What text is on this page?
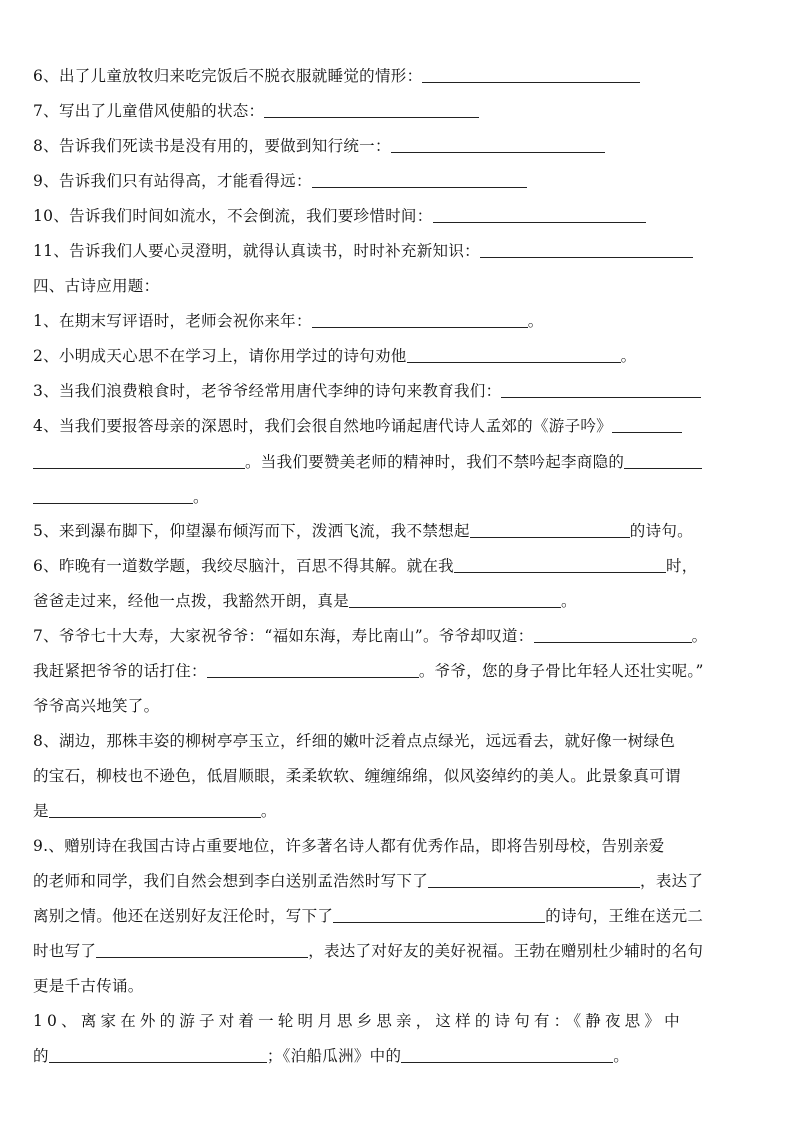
6、出了儿童放牧归来吃完饭后不脱衣服就睡觉的情形：
7、写出了儿童借风使船的状态：
8、告诉我们死读书是没有用的，要做到知行统一：
9、告诉我们只有站得高，才能看得远：
10、告诉我们时间如流水，不会倒流，我们要珍惜时间：
11、告诉我们人要心灵澄明，就得认真读书，时时补充新知识：
四、古诗应用题：
1、在期末写评语时，老师会祝你来年：	。
2、小明成天心思不在学习上，请你用学过的诗句劝他	。
3、当我们浪费粮食时，老爷爷经常用唐代李绅的诗句来教育我们：
4、当我们要报答母亲的深恩时，我们会很自然地吟诵起唐代诗人孟郊的《游子吟》
。当我们要赞美老师的精神时，我们不禁吟起李商隐的
。
5、来到瀑布脚下，仰望瀑布倾泻而下，泼洒飞流，我不禁想起	的诗句。
6、昨晚有一道数学题，我绞尽脑汁，百思不得其解。就在我	时，
爸爸走过来，经他一点拨，我豁然开朗，真是	。
7、爷爷七十大寿，大家祝爷爷：“福如东海，寿比南山”。爷爷却叹道：	。
我赶紧把爷爷的话打住：	。爷爷，您的身子骨比年轻人还壮实呢。”
爷爷高兴地笑了。
8、湖边，那株丰姿的柳树亭亭玉立，纤细的嫩叶泛着点点绿光，远远看去，就好像一树绿色
的宝石，柳枝也不逊色，低眉顺眼，柔柔软软、缠缠绵绵，似风姿绰约的美人。此景象真可谓
是	。
9.、赠别诗在我国古诗占重要地位，许多著名诗人都有优秀作品，即将告别母校，告别亲爱
的老师和同学，我们自然会想到李白送别孟浩然时写下了	，表达了
离别之情。他还在送别好友汪伦时，写下了	的诗句，王维在送元二
时也写了	，表达了对好友的美好祝福。王勃在赠别杜少辅时的名句
更是千古传诵。
10、离家在外的游子对着一轮明月思乡思亲，这样的诗句有：《静夜思》中
的	；《泊船瓜洲》中的	。
